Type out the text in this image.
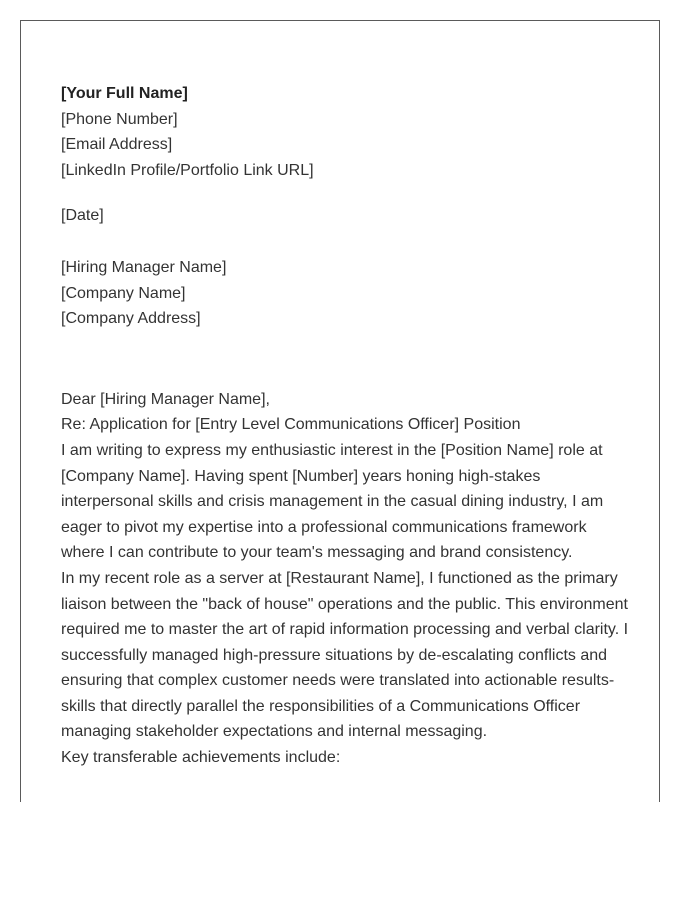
[Your Full Name]
[Phone Number]
[Email Address]
[LinkedIn Profile/Portfolio Link URL]
[Date]
[Hiring Manager Name]
[Company Name]
[Company Address]
Dear [Hiring Manager Name],
Re: Application for [Entry Level Communications Officer] Position
I am writing to express my enthusiastic interest in the [Position Name] role at [Company Name]. Having spent [Number] years honing high-stakes interpersonal skills and crisis management in the casual dining industry, I am eager to pivot my expertise into a professional communications framework where I can contribute to your team's messaging and brand consistency.
In my recent role as a server at [Restaurant Name], I functioned as the primary liaison between the "back of house" operations and the public. This environment required me to master the art of rapid information processing and verbal clarity. I successfully managed high-pressure situations by de-escalating conflicts and ensuring that complex customer needs were translated into actionable results-skills that directly parallel the responsibilities of a Communications Officer managing stakeholder expectations and internal messaging.
Key transferable achievements include:
